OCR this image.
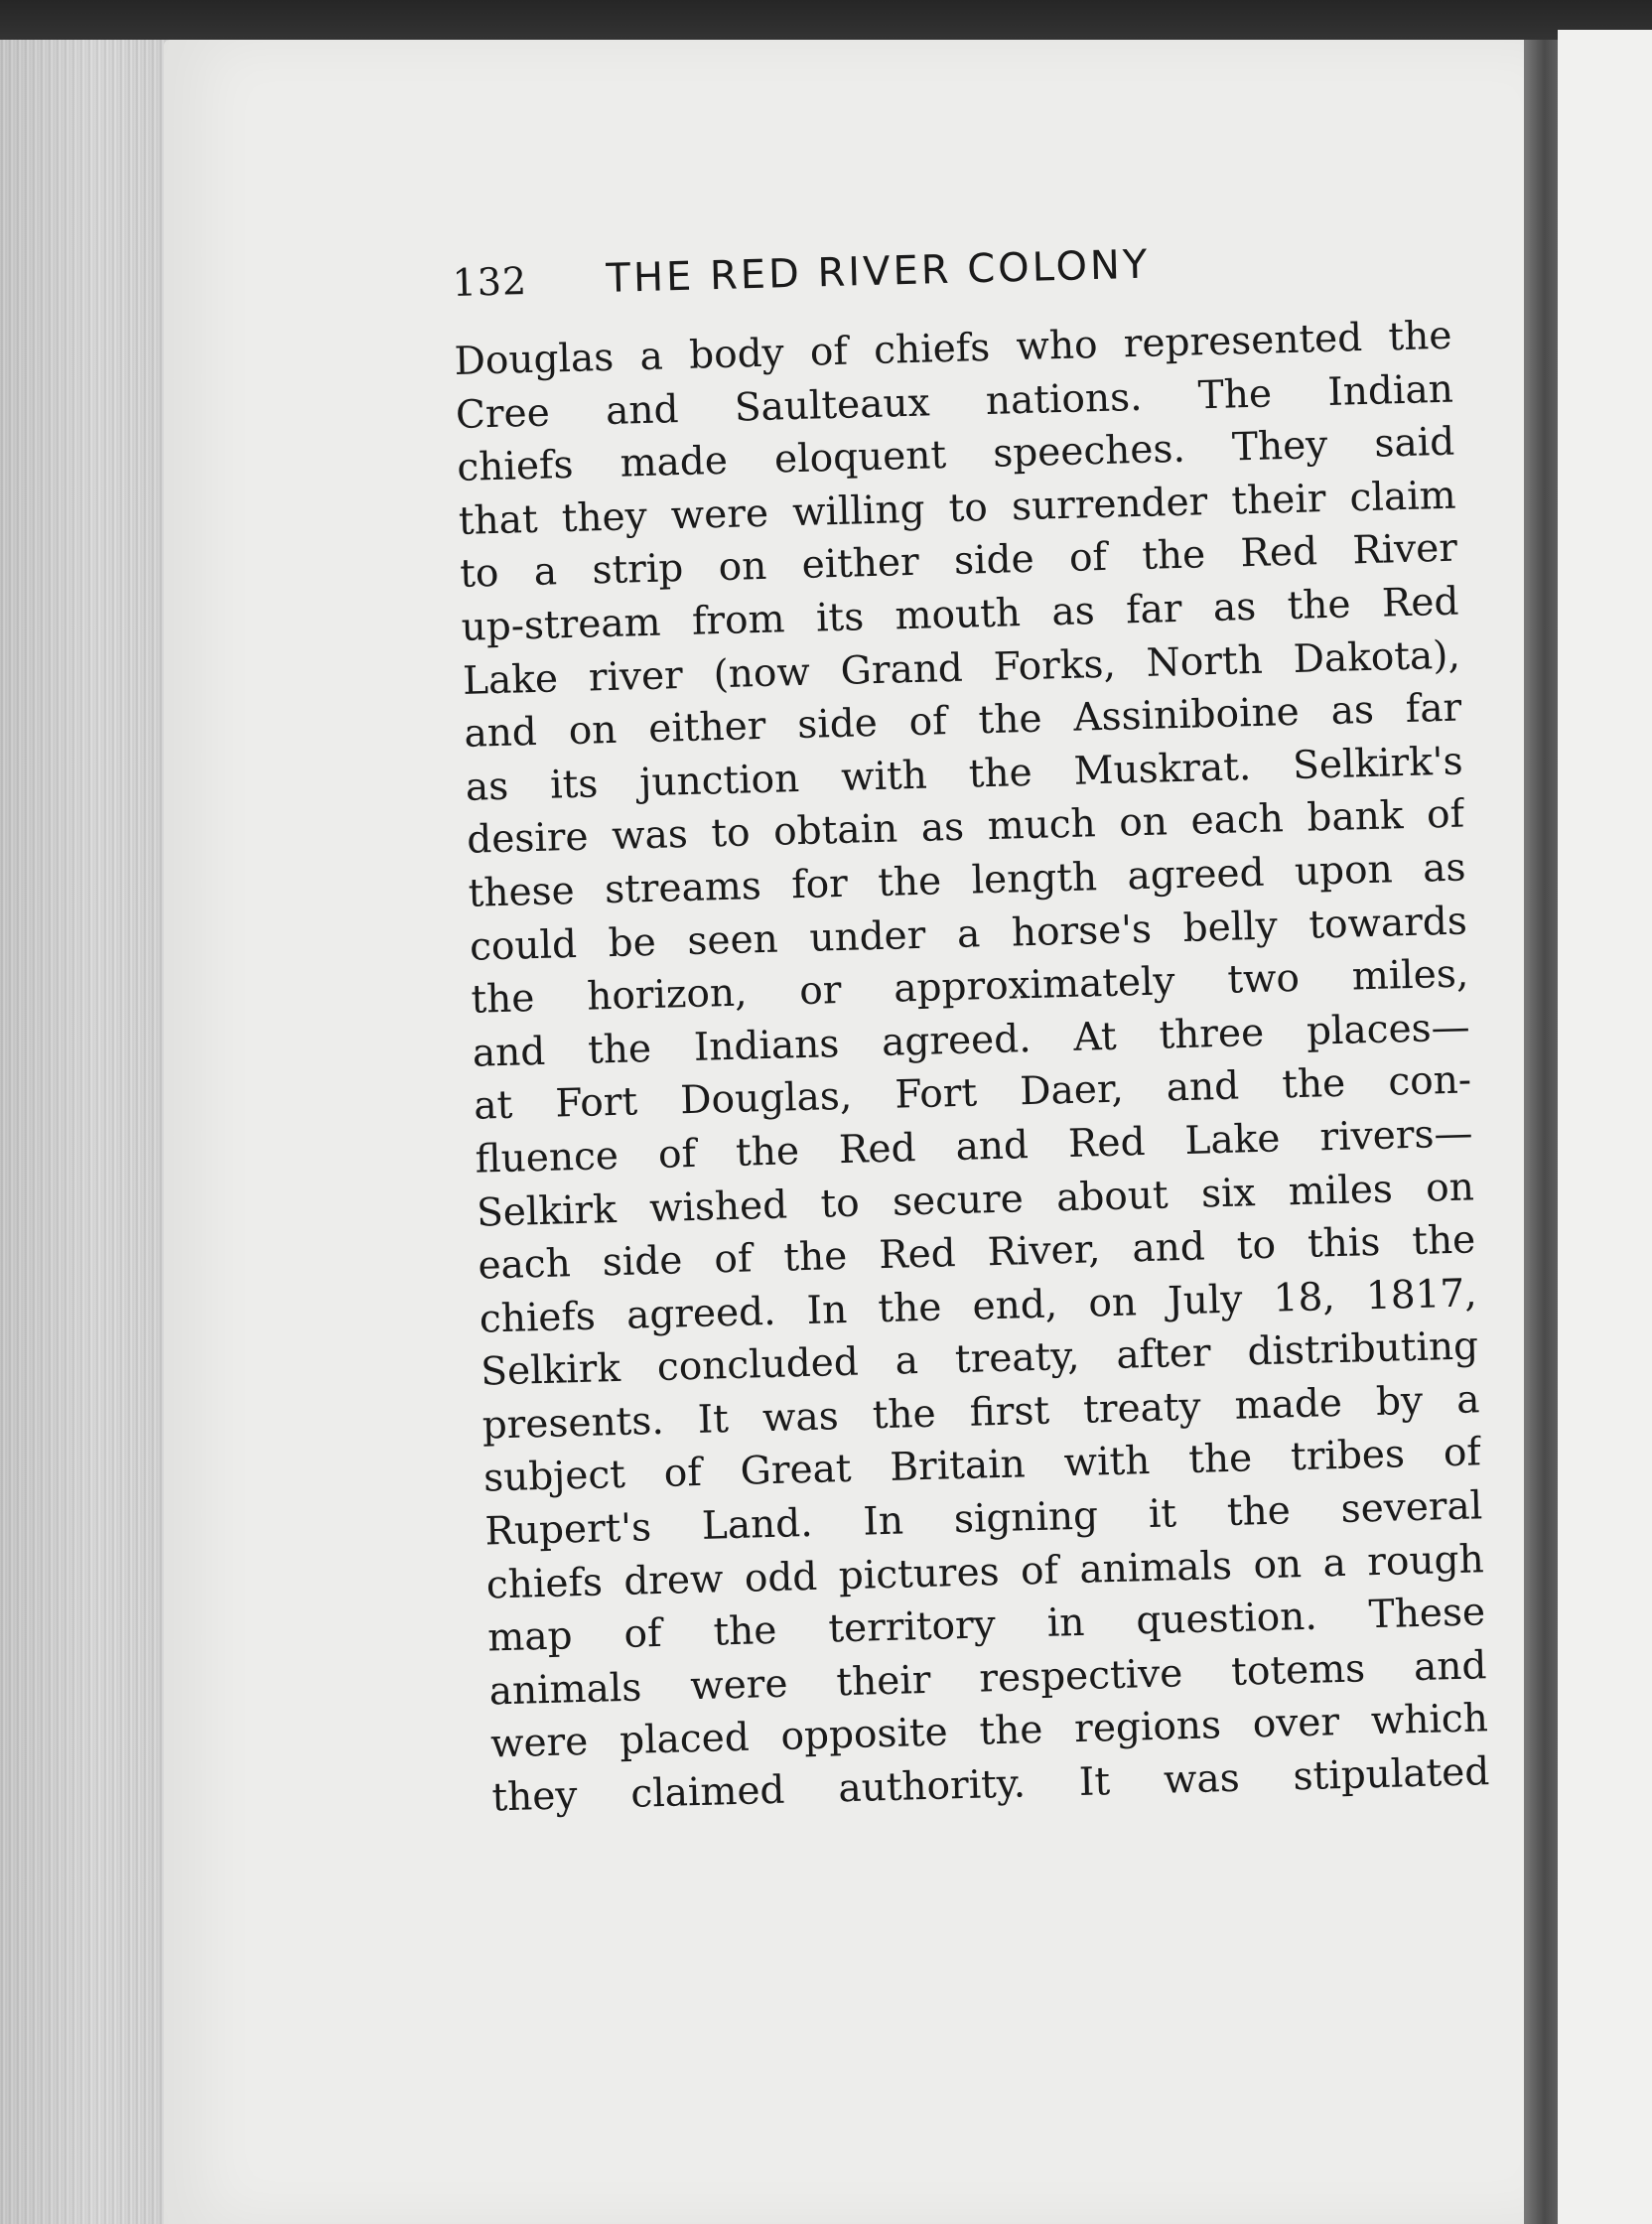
132	THE RED RIVER COLONY
Douglas a body of chiefs who represented the
Cree and Saulteaux nations. The Indian
chiefs made eloquent speeches. They said
that they were willing to surrender their claim
to a strip on either side of the Red River
up-stream from its mouth as far as the Red
Lake river (now Grand Forks, North Dakota),
and on either side of the Assiniboine as far
as its junction with the Muskrat. Selkirk's
desire was to obtain as much on each bank of
these streams for the length agreed upon as
could be seen under a horse's belly towards
the horizon, or approximately two miles,
and the Indians agreed. At three places—
at Fort Douglas, Fort Daer, and the con-
fluence of the Red and Red Lake rivers—
Selkirk wished to secure about six miles on
each side of the Red River, and to this the
chiefs agreed. In the end, on July 18, 1817,
Selkirk concluded a treaty, after distributing
presents. It was the first treaty made by a
subject of Great Britain with the tribes of
Rupert's Land. In signing it the several
chiefs drew odd pictures of animals on a rough
map of the territory in question. These
animals were their respective totems and
were placed opposite the regions over which
they claimed authority. It was stipulated
